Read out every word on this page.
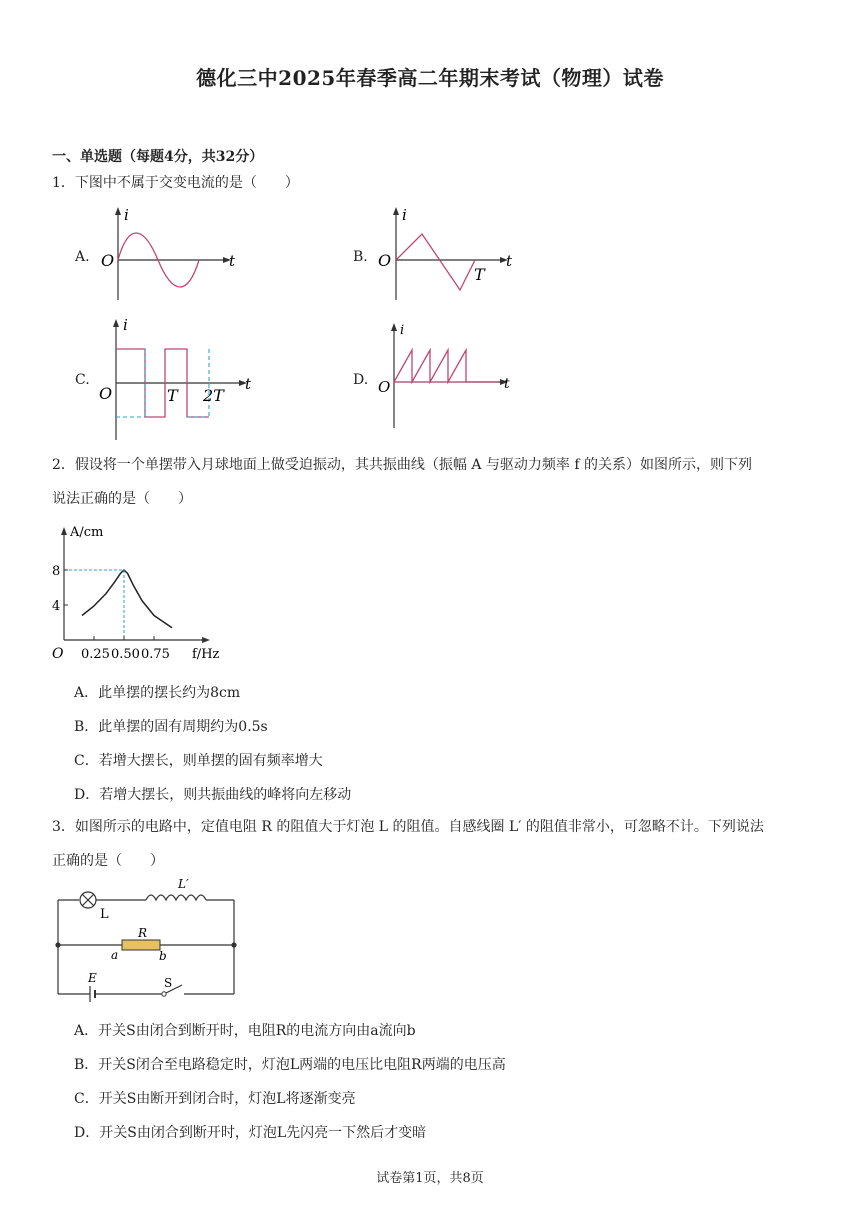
德化三中2025年春季高二年期末考试（物理）试卷
一、单选题（每题4分，共32分）
1．下图中不属于交变电流的是（　　）
A.
i
O	t	B.
i
O	t
T
C.
i
O	t
T 2T
D.
i
O	t
2．假设将一个单摆带入月球地面上做受迫振动，其共振曲线（振幅 A 与驱动力频率 f 的关系）如图所示，则下列
说法正确的是（　　）
0.25 0.50 0.75
4
8
A/cm
f/Hz
O
A．此单摆的摆长约为8cm
B．此单摆的固有周期约为0.5s
C．若增大摆长，则单摆的固有频率增大
D．若增大摆长，则共振曲线的峰将向左移动
3．如图所示的电路中，定值电阻 R 的阻值大于灯泡 L 的阻值。自感线圈 L′ 的阻值非常小，可忽略不计。下列说法
正确的是（　　）
L
L′
R
a	b
E	S
A．开关S由闭合到断开时，电阻R的电流方向由a流向b
B．开关S闭合至电路稳定时，灯泡L两端的电压比电阻R两端的电压高
C．开关S由断开到闭合时，灯泡L将逐渐变亮
D．开关S由闭合到断开时，灯泡L先闪亮一下然后才变暗
试卷第1页，共8页
